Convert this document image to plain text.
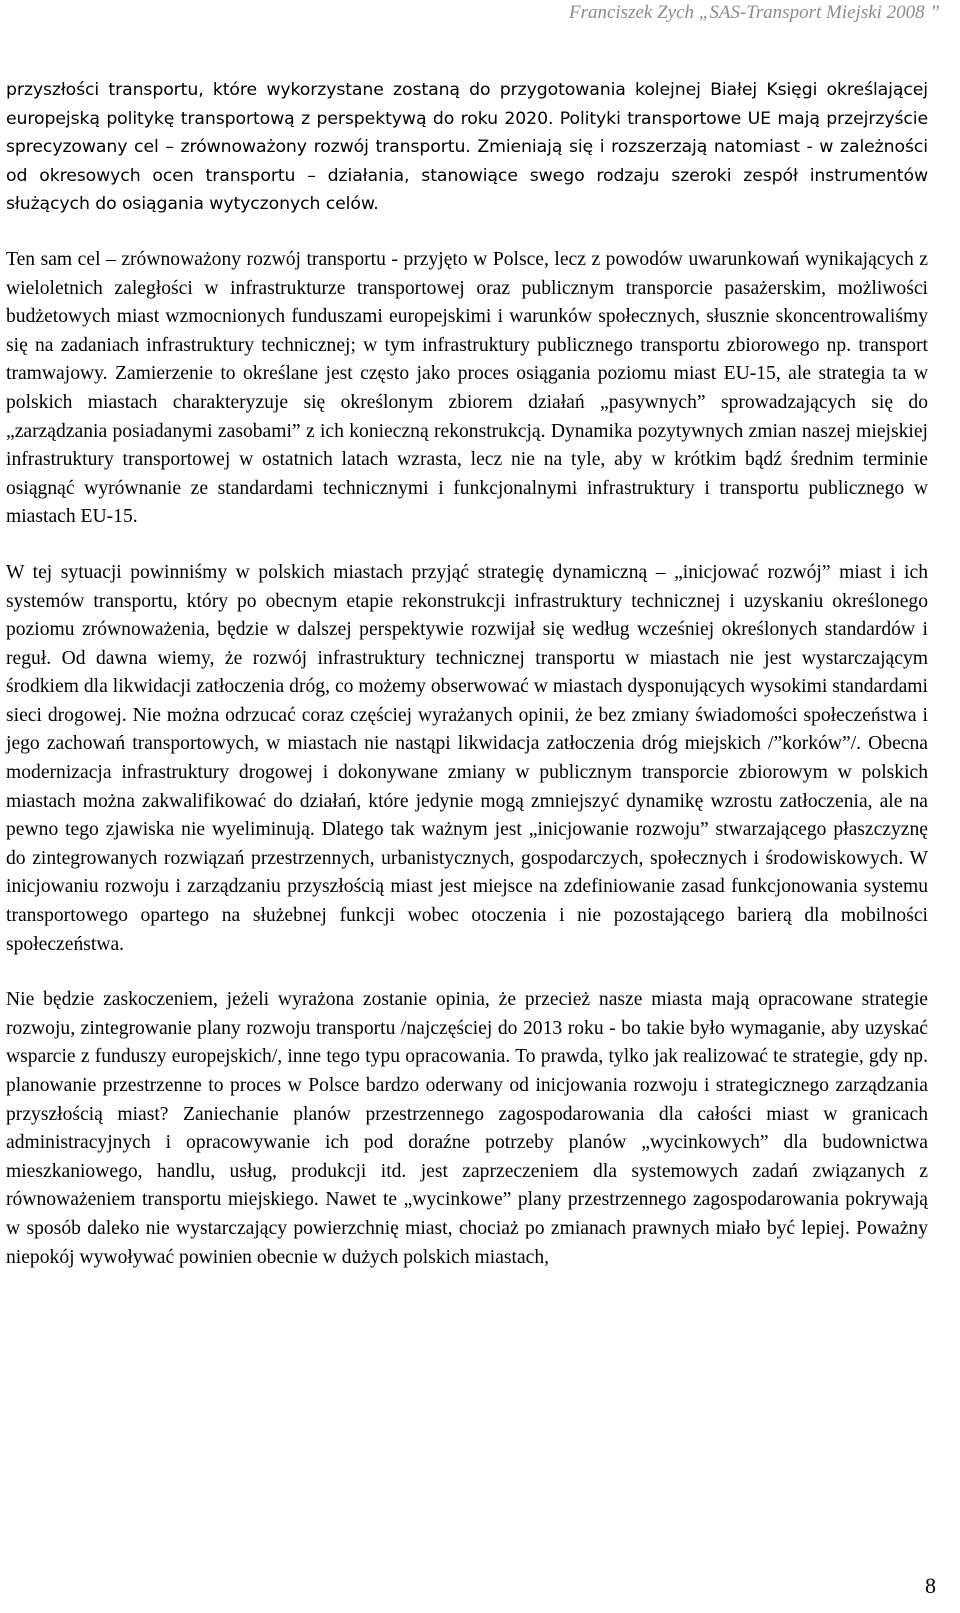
Franciszek Zych „SAS-Transport Miejski 2008 ”

przyszłości transportu, które wykorzystane zostaną do przygotowania kolejnej Białej Księgi określającej europejską politykę transportową z perspektywą do roku 2020. Polityki transportowe UE mają przejrzyście sprecyzowany cel – zrównoważony rozwój transportu. Zmieniają się i rozszerzają natomiast - w zależności od okresowych ocen transportu – działania, stanowiące swego rodzaju szeroki zespół instrumentów służących do osiągania wytyczonych celów.

Ten sam cel – zrównoważony rozwój transportu - przyjęto w Polsce, lecz z powodów uwarunkowań wynikających z wieloletnich zaległości w infrastrukturze transportowej oraz publicznym transporcie pasażerskim, możliwości budżetowych miast wzmocnionych funduszami europejskimi i warunków społecznych, słusznie skoncentrowaliśmy się na zadaniach infrastruktury technicznej; w tym infrastruktury publicznego transportu zbiorowego np. transport tramwajowy. Zamierzenie to określane jest często jako proces osiągania poziomu miast EU-15, ale strategia ta w polskich miastach charakteryzuje się określonym zbiorem działań „pasywnych” sprowadzających się do „zarządzania posiadanymi zasobami” z ich konieczną rekonstrukcją. Dynamika pozytywnych zmian naszej miejskiej infrastruktury transportowej w ostatnich latach wzrasta, lecz nie na tyle, aby w krótkim bądź średnim terminie osiągnąć wyrównanie ze standardami technicznymi i funkcjonalnymi infrastruktury i transportu publicznego w miastach EU-15.

W tej sytuacji powinniśmy w polskich miastach przyjąć strategię dynamiczną – „inicjować rozwój” miast i ich systemów transportu, który po obecnym etapie rekonstrukcji infrastruktury technicznej i uzyskaniu określonego poziomu zrównoważenia, będzie w dalszej perspektywie rozwijał się według wcześniej określonych standardów i reguł. Od dawna wiemy, że rozwój infrastruktury technicznej transportu w miastach nie jest wystarczającym środkiem dla likwidacji zatłoczenia dróg, co możemy obserwować w miastach dysponujących wysokimi standardami sieci drogowej. Nie można odrzucać coraz częściej wyrażanych opinii, że bez zmiany świadomości społeczeństwa i jego zachowań transportowych, w miastach nie nastąpi likwidacja zatłoczenia dróg miejskich /”korków”/. Obecna modernizacja infrastruktury drogowej i dokonywane zmiany w publicznym transporcie zbiorowym w polskich miastach można zakwalifikować do działań, które jedynie mogą zmniejszyć dynamikę wzrostu zatłoczenia, ale na pewno tego zjawiska nie wyeliminują. Dlatego tak ważnym jest „inicjowanie rozwoju” stwarzającego płaszczyznę do zintegrowanych rozwiązań przestrzennych, urbanistycznych, gospodarczych, społecznych i środowiskowych. W inicjowaniu rozwoju i zarządzaniu przyszłością miast jest miejsce na zdefiniowanie zasad funkcjonowania systemu transportowego opartego na służebnej funkcji wobec otoczenia i nie pozostającego barierą dla mobilności społeczeństwa.

Nie będzie zaskoczeniem, jeżeli wyrażona zostanie opinia, że przecież nasze miasta mają opracowane strategie rozwoju, zintegrowanie plany rozwoju transportu /najczęściej do 2013 roku - bo takie było wymaganie, aby uzyskać wsparcie z funduszy europejskich/, inne tego typu opracowania. To prawda, tylko jak realizować te strategie, gdy np. planowanie przestrzenne to proces w Polsce bardzo oderwany od inicjowania rozwoju i strategicznego zarządzania przyszłością miast? Zaniechanie planów przestrzennego zagospodarowania dla całości miast w granicach administracyjnych i opracowywanie ich pod doraźne potrzeby planów „wycinkowych” dla budownictwa mieszkaniowego, handlu, usług, produkcji itd. jest zaprzeczeniem dla systemowych zadań związanych z równoważeniem transportu miejskiego. Nawet te „wycinkowe” plany przestrzennego zagospodarowania pokrywają w sposób daleko nie wystarczający powierzchnię miast, chociaż po zmianach prawnych miało być lepiej. Poważny niepokój wywoływać powinien obecnie w dużych polskich miastach,

8
